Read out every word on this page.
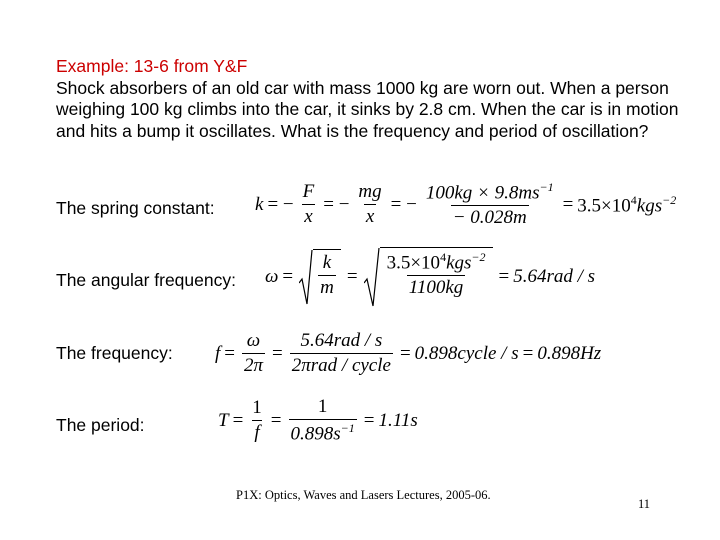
Example: 13-6 from Y&F
Shock absorbers of an old car with mass 1000 kg are worn out. When a person weighing 100 kg climbs into the car, it sinks by 2.8 cm. When the car is in motion and hits a bump it oscillates. What is the frequency and period of oscillation?
The spring constant: k = − $\frac{F}{x}$ = − $\frac{mg}{x}$ = − $\frac{100kg \times 9.8ms^{-1}}{- 0.028m} = 3.5\times 10^4kgs^{-2}$
The angular frequency: $\omega = \frac{k}{m} = \frac{3.5\times 10^4kgs^{-2}}{1100kg} = 5.64rad / s$
The frequency: $f = \frac{\omega}{2\pi} = \frac{\text{5.64rad / s}}{\text{2πrad / cycle}}$ = 0.898cycle / s = 0.898Hz
The period:	$T = \frac{1}{f} = \frac{1}{0.898s^{-1}} = 1.11s$
P1X: Optics, Waves and Lasers Lectures, 2005-06.
11
